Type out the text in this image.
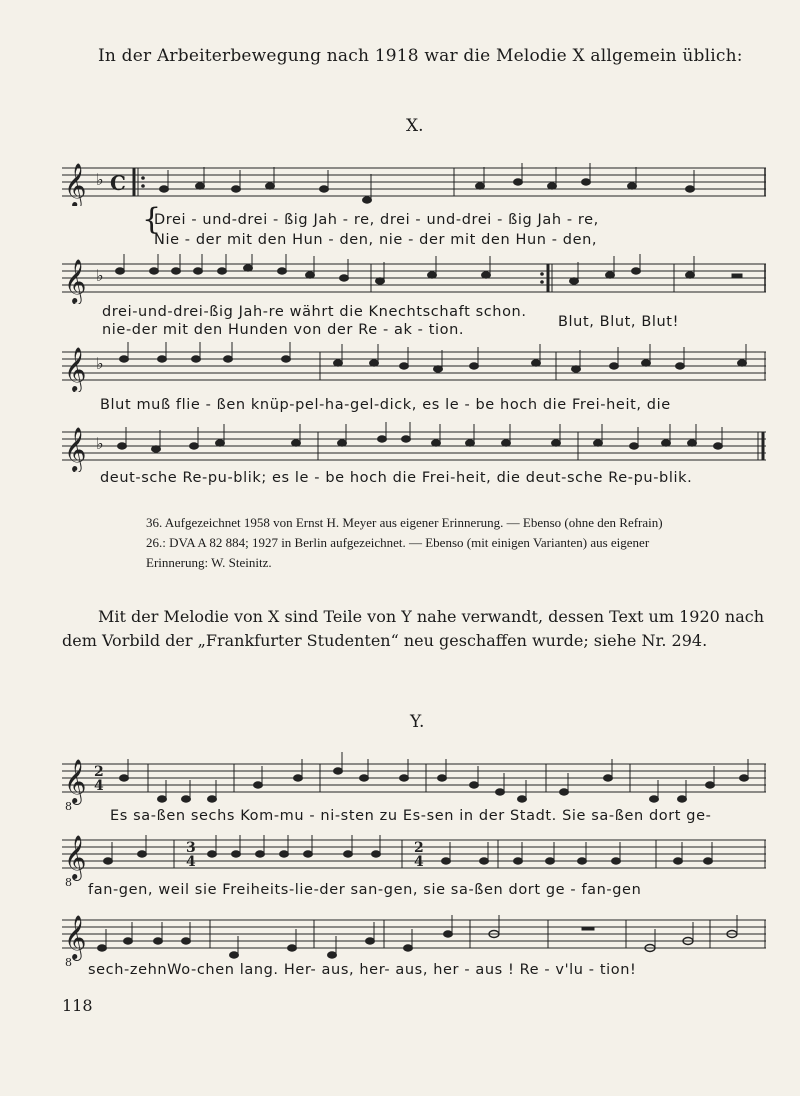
In der Arbeiterbewegung nach 1918 war die Melodie X allgemein üblich:
X.
𝄞 ♭ C
{
Drei - und-drei - ßig Jah - re, drei - und-drei - ßig Jah - re,
Nie - der mit den Hun - den, nie - der mit den Hun - den,
𝄞 ♭
drei-und-drei-ßig Jah-re währt die Knechtschaft schon.
nie-der mit den Hunden von der Re - ak - tion.	Blut, Blut, Blut!
𝄞 ♭
Blut muß flie - ßen knüp-pel-ha-gel-dick, es le - be hoch die Frei-heit, die
𝄞 ♭
deut-sche Re-pu-blik; es le - be hoch die Frei-heit, die deut-sche Re-pu-blik.
36. Aufgezeichnet 1958 von Ernst H. Meyer aus eigener Erinnerung. — Ebenso (ohne den Refrain)
26.: DVA A 82 884; 1927 in Berlin aufgezeichnet. — Ebenso (mit einigen Varianten) aus eigener
Erinnerung: W. Steinitz.
Mit der Melodie von X sind Teile von Y nahe verwandt, dessen Text um 1920 nach
dem Vorbild der „Frankfurter Studenten“ neu geschaffen wurde; siehe Nr. 294.
Y.
𝄞
8
2
4
Es sa-ßen sechs Kom-mu - ni-sten zu Es-sen in der Stadt. Sie sa-ßen dort ge-
𝄞
8
3
4
2
4
fan-gen, weil sie Freiheits-lie-der san-gen, sie sa-ßen dort ge - fan-gen
𝄞
8 sech-zehnWo-chen lang. Her- aus, her- aus, her - aus ! Re - v'lu - tion!
118
